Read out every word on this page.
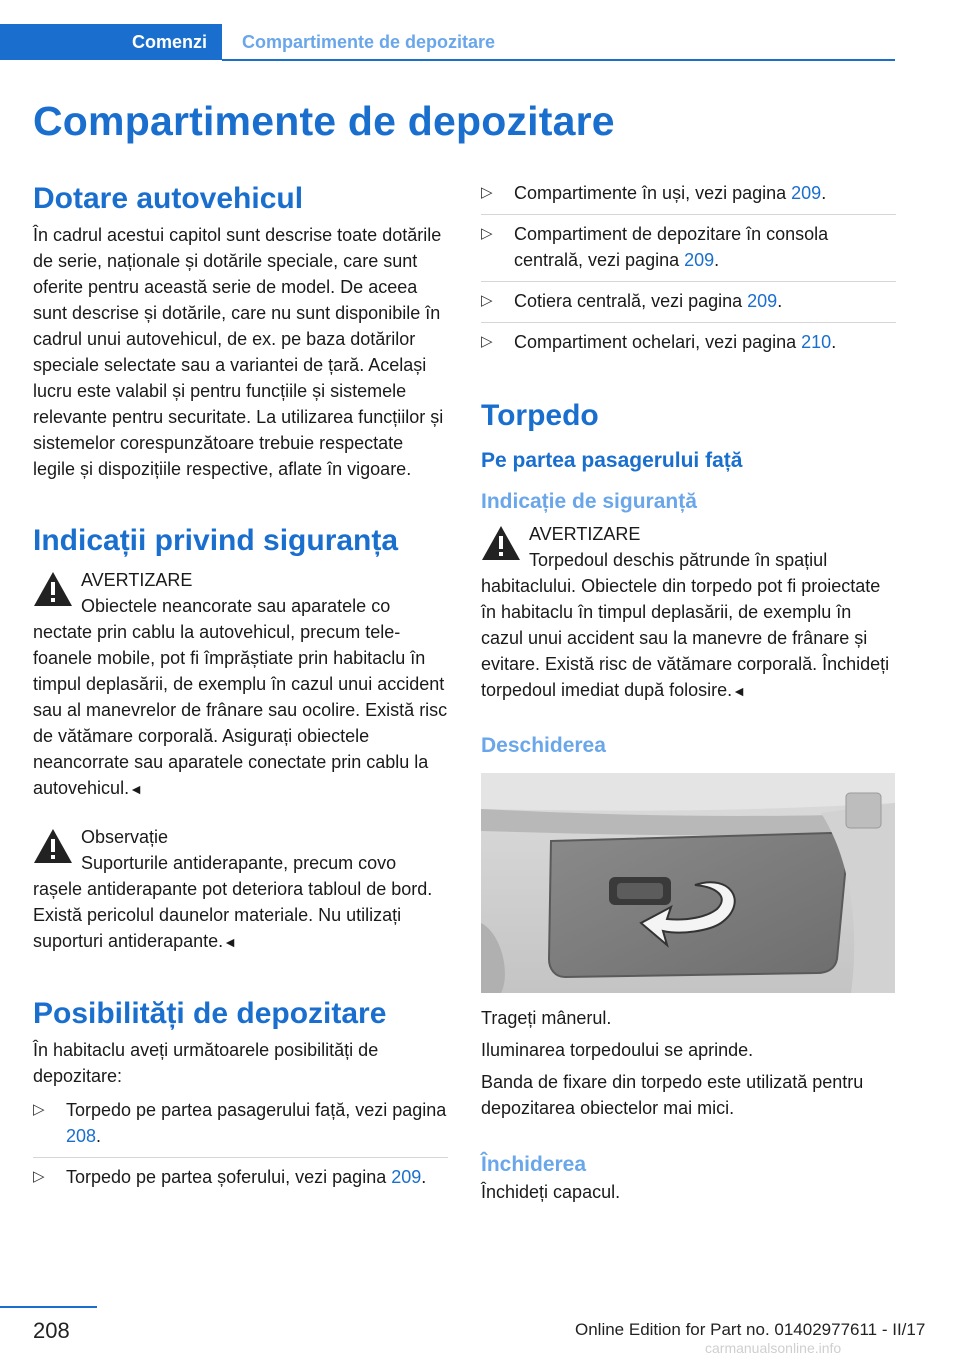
Comenzi	Compartimente de depozitare
Compartimente de depozitare
Dotare autovehicul

În cadrul acestui capitol sunt descrise toate dotările de serie, naționale și dotările speciale, care sunt oferite pentru această serie de model. De aceea sunt descrise și dotările, care nu sunt disponibile în cadrul unui autovehicul, de ex. pe baza dotărilor speciale selectate sau a variantei de țară. Același lucru este valabil și pentru funcțiile și sistemele relevante pentru securitate. La utilizarea funcțiilor și sistemelor corespunzătoare trebuie respectate legile și dispozițiile respective, aflate în vigoare.

Indicații privind siguranța
AVERTIZARE
Obiectele neancorate sau aparatele co
nectate prin cablu la autovehicul, precum telefoanele mobile, pot fi împrăștiate prin habitaclu în timpul deplasării, de exemplu în cazul unui accident sau al manevrelor de frânare sau ocolire. Există risc de vătămare corporală. Asigurați obiectele neancorrate sau aparatele conectate prin cablu la autovehicul.◄
Observație
Suporturile antiderapante, precum covo
rașele antiderapante pot deteriora tabloul de bord. Există pericolul daunelor materiale. Nu utilizați suporturi antiderapante.◄
Posibilități de depozitare

În habitaclu aveți următoarele posibilități de depozitare:

▷ Torpedo pe partea pasagerului față, vezi pagina 208.
▷ Torpedo pe partea șoferului, vezi pagina 209.
▷ Compartimente în uși, vezi pagina 209.
▷ Compartiment de depozitare în consola centrală, vezi pagina 209.
▷ Cotiera centrală, vezi pagina 209.
▷ Compartiment ochelari, vezi pagina 210.
Torpedo
Pe partea pasagerului față
Indicație de siguranță
AVERTIZARE
Torpedoul deschis pătrunde în spațiul
habitaclului. Obiectele din torpedo pot fi proiectate în habitaclu în timpul deplasării, de exemplu în cazul unui accident sau la manevre de frânare și evitare. Există risc de vătămare corporală. Închideți torpedoul imediat după folosire.◄
Deschiderea

Trageți mânerul.

Iluminarea torpedoului se aprinde.

Banda de fixare din torpedo este utilizată pentru depozitarea obiectelor mai mici.

Închiderea

Închideți capacul.

208	Online Edition for Part no. 01402977611 - II/17
carmanualsonline.info
